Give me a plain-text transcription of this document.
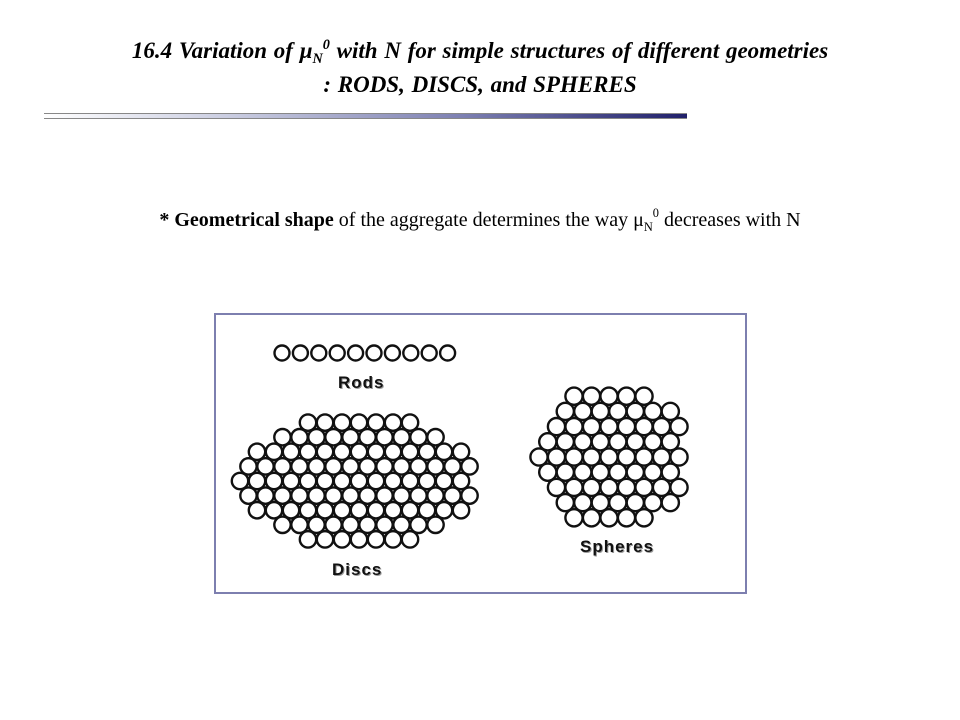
16.4 Variation of $\mu_N^0$ with N for simple structures of different geometries
: RODS, DISCS, and SPHERES
* Geometrical shape of the aggregate determines the way $\mu_N^0$ decreases with N
Rods
Discs
Spheres
